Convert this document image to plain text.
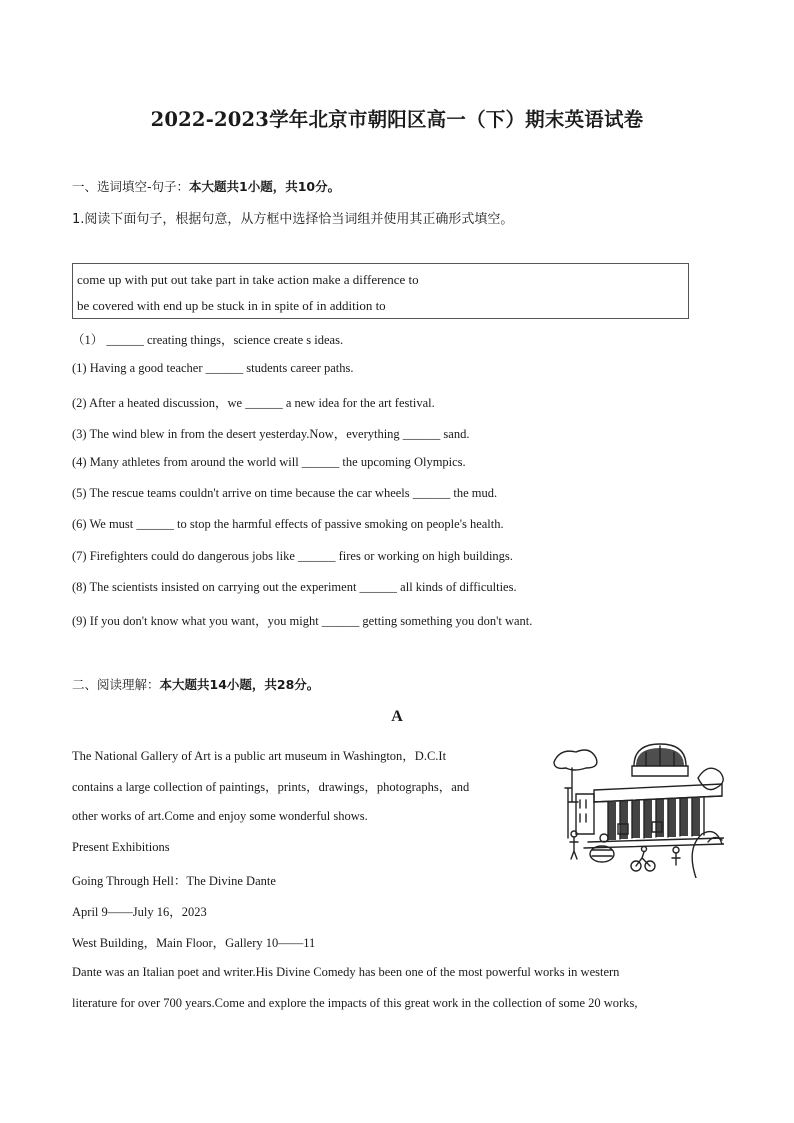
2022-2023学年北京市朝阳区高一（下）期末英语试卷
一、选词填空-句子：本大题共1小题，共10分。
1.阅读下面句子，根据句意，从方框中选择恰当词组并使用其正确形式填空。
come up with put out take part in take action make a difference to
be covered with end up be stuck in in spite of in addition to
（1） ______ creating things，science create s ideas.
(1) Having a good teacher ______ students career paths.
(2) After a heated discussion，we ______ a new idea for the art festival.
(3) The wind blew in from the desert yesterday.Now，everything ______ sand.
(4) Many athletes from around the world will ______ the upcoming Olympics.
(5) The rescue teams couldn't arrive on time because the car wheels ______ the mud.
(6) We must ______ to stop the harmful effects of passive smoking on people's health.
(7) Firefighters could do dangerous jobs like ______ fires or working on high buildings.
(8) The scientists insisted on carrying out the experiment ______ all kinds of difficulties.
(9) If you don't know what you want，you might ______ getting something you don't want.
二、阅读理解：本大题共14小题，共28分。
A
The National Gallery of Art is a public art museum in Washington，D.C.It
contains a large collection of paintings，prints，drawings，photographs，and
other works of art.Come and enjoy some wonderful shows.
Present Exhibitions
Going Through Hell：The Divine Dante
April 9——July 16，2023
West Building，Main Floor，Gallery 10——11
Dante was an Italian poet and writer.His Divine Comedy has been one of the most powerful works in western
literature for over 700 years.Come and explore the impacts of this great work in the collection of some 20 works,
